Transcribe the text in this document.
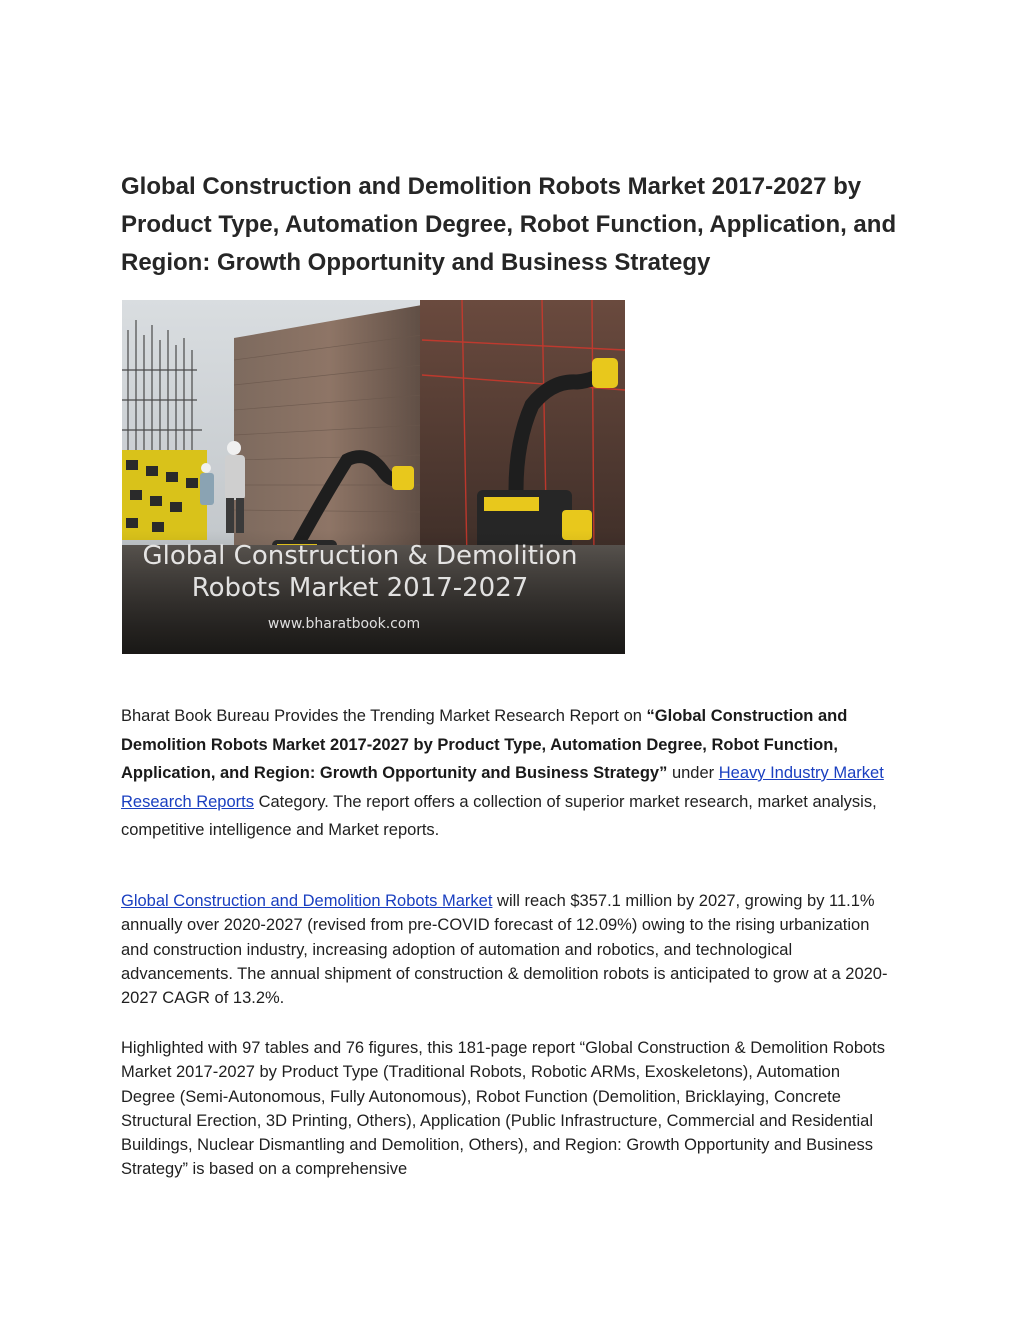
Global Construction and Demolition Robots Market 2017-2027 by Product Type, Automation Degree, Robot Function, Application, and Region: Growth Opportunity and Business Strategy
Global Construction & Demolition
Robots Market 2017-2027
www.bharatbook.com

Bharat Book Bureau Provides the Trending Market Research Report on “Global Construction and Demolition Robots Market 2017-2027 by Product Type, Automation Degree, Robot Function, Application, and Region: Growth Opportunity and Business Strategy” under Heavy Industry Market Research Reports Category. The report offers a collection of superior market research, market analysis, competitive intelligence and Market reports.

Global Construction and Demolition Robots Market will reach $357.1 million by 2027, growing by 11.1% annually over 2020-2027 (revised from pre-COVID forecast of 12.09%) owing to the rising urbanization and construction industry, increasing adoption of automation and robotics, and technological advancements. The annual shipment of construction & demolition robots is anticipated to grow at a 2020-2027 CAGR of 13.2%.

Highlighted with 97 tables and 76 figures, this 181-page report “Global Construction & Demolition Robots Market 2017-2027 by Product Type (Traditional Robots, Robotic ARMs, Exoskeletons), Automation Degree (Semi-Autonomous, Fully Autonomous), Robot Function (Demolition, Bricklaying, Concrete Structural Erection, 3D Printing, Others), Application (Public Infrastructure, Commercial and Residential Buildings, Nuclear Dismantling and Demolition, Others), and Region: Growth Opportunity and Business Strategy” is based on a comprehensive
